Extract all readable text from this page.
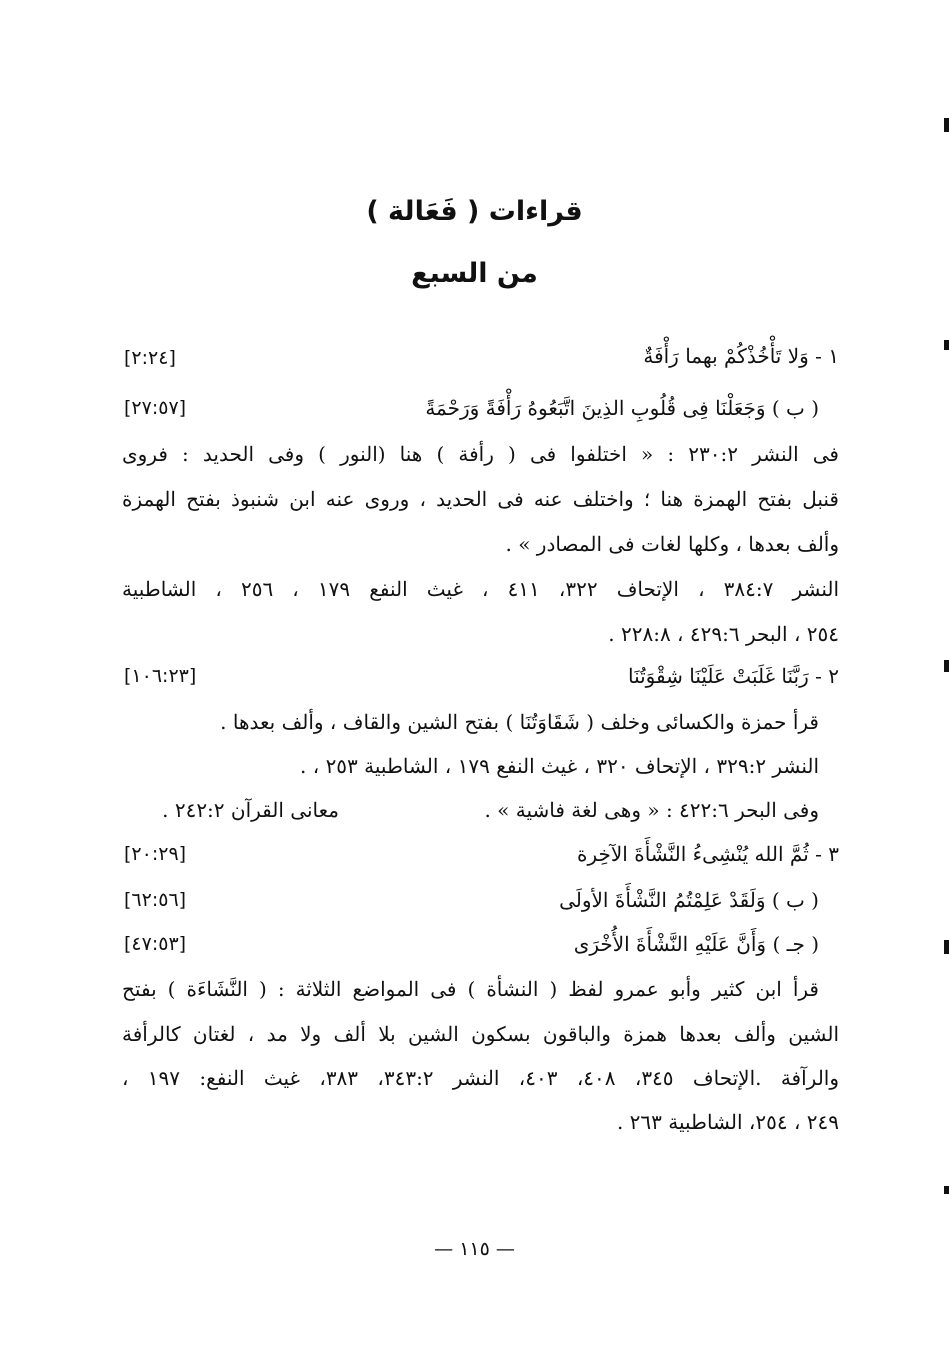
قراءات ( فَعَالة )
من السبع
١ - وَلا تَأْخُذْكُمْ بهما رَأْفَةٌ
[٢:٢٤]
( ب ) وَجَعَلْنَا فِى قُلُوبِ الذِينَ اتَّبَعُوهُ رَأْفَةً وَرَحْمَةً
[٢٧:٥٧]
فى النشر ٢٣٠:٢ : « اختلفوا فى ( رأفة ) هنا (النور ) وفى الحديد : فروى
قنبل بفتح الهمزة هنا ؛ واختلف عنه فى الحديد ، وروى عنه ابن شنبوذ بفتح الهمزة
وألف بعدها ، وكلها لغات فى المصادر » .
النشر ٣٨٤:٧ ، الإتحاف ٣٢٢، ٤١١ ، غيث النفع ١٧٩ ، ٢٥٦ ، الشاطبية
٢٥٤ ، البحر ٤٢٩:٦ ، ٢٢٨:٨ .
٢ - رَبَّنَا غَلَبَتْ عَلَيْنَا شِقْوَتُنَا
[١٠٦:٢٣]
قرأ حمزة والكسائى وخلف ( شَقَاوَتُنَا ) بفتح الشين والقاف ، وألف بعدها .
النشر ٣٢٩:٢ ، الإتحاف ٣٢٠ ، غيث النفع ١٧٩ ، الشاطبية ٢٥٣ ، .
وفى البحر ٤٢٢:٦ : « وهى لغة فاشية » .
معانى القرآن ٢٤٢:٢ .
٣ - ثُمَّ الله يُنْشِىءُ النَّشْأَةَ الآخِرة
[٢٠:٢٩]
( ب ) وَلَقَدْ عَلِمْتُمُ النَّشْأَةَ الأولَى
[٦٢:٥٦]
( جـ ) وَأَنَّ عَلَيْهِ النَّشْأَةَ الأُخْرَى
[٤٧:٥٣]
قرأ ابن كثير وأبو عمرو لفظ ( النشأة ) فى المواضع الثلاثة : ( النَّشَاءَة ) بفتح
الشين وألف بعدها همزة والباقون بسكون الشين بلا ألف ولا مد ، لغتان كالرأفة
والرآفة .الإتحاف ٣٤٥، ٤٠٨، ٤٠٣، النشر ٣٤٣:٢، ٣٨٣، غيث النفع: ١٩٧ ،
٢٤٩ ، ٢٥٤، الشاطبية ٢٦٣ .
— ١١٥ —
